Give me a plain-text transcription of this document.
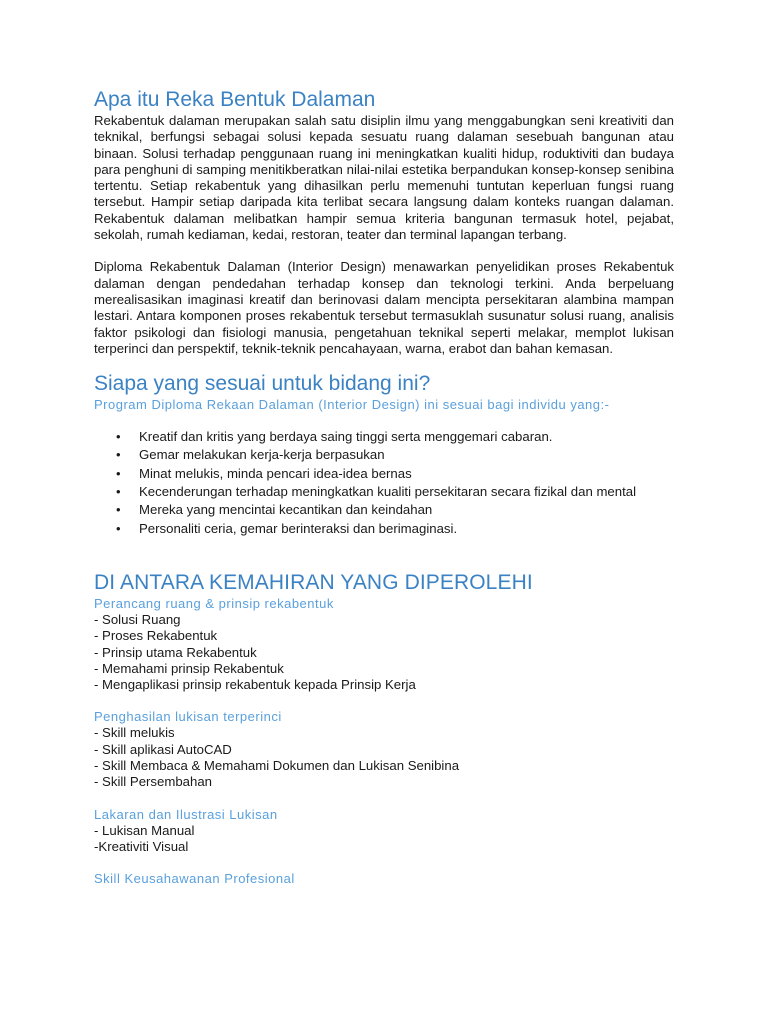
Apa itu Reka Bentuk Dalaman

Rekabentuk dalaman merupakan salah satu disiplin ilmu yang menggabungkan seni kreativiti dan teknikal, berfungsi sebagai solusi kepada sesuatu ruang dalaman sesebuah bangunan atau binaan. Solusi terhadap penggunaan ruang ini meningkatkan kualiti hidup, roduktiviti dan budaya para penghuni di samping menitikberatkan nilai-nilai estetika berpandukan konsep-konsep senibina tertentu. Setiap rekabentuk yang dihasilkan perlu memenuhi tuntutan keperluan fungsi ruang tersebut. Hampir setiap daripada kita terlibat secara langsung dalam konteks ruangan dalaman. Rekabentuk dalaman melibatkan hampir semua kriteria bangunan termasuk hotel, pejabat, sekolah, rumah kediaman, kedai, restoran, teater dan terminal lapangan terbang.

Diploma Rekabentuk Dalaman (Interior Design) menawarkan penyelidikan proses Rekabentuk dalaman dengan pendedahan terhadap konsep dan teknologi terkini. Anda berpeluang merealisasikan imaginasi kreatif dan berinovasi dalam mencipta persekitaran alambina mampan lestari. Antara komponen proses rekabentuk tersebut termasuklah susunatur solusi ruang, analisis faktor psikologi dan fisiologi manusia, pengetahuan teknikal seperti melakar, memplot lukisan terperinci dan perspektif, teknik-teknik pencahayaan, warna, erabot dan bahan kemasan.

Siapa yang sesuai untuk bidang ini?

Program Diploma Rekaan Dalaman (Interior Design) ini sesuai bagi individu yang:-

• Kreatif dan kritis yang berdaya saing tinggi serta menggemari cabaran.
• Gemar melakukan kerja-kerja berpasukan
• Minat melukis, minda pencari idea-idea bernas
• Kecenderungan terhadap meningkatkan kualiti persekitaran secara fizikal dan mental
• Mereka yang mencintai kecantikan dan keindahan
• Personaliti ceria, gemar berinteraksi dan berimaginasi.
DI ANTARA KEMAHIRAN YANG DIPEROLEHI

Perancang ruang & prinsip rekabentuk

- Solusi Ruang

- Proses Rekabentuk

- Prinsip utama Rekabentuk

- Memahami prinsip Rekabentuk

- Mengaplikasi prinsip rekabentuk kepada Prinsip Kerja

Penghasilan lukisan terperinci

- Skill melukis

- Skill aplikasi AutoCAD

- Skill Membaca & Memahami Dokumen dan Lukisan Senibina

- Skill Persembahan

Lakaran dan Ilustrasi Lukisan

- Lukisan Manual

-Kreativiti Visual

Skill Keusahawanan Profesional
